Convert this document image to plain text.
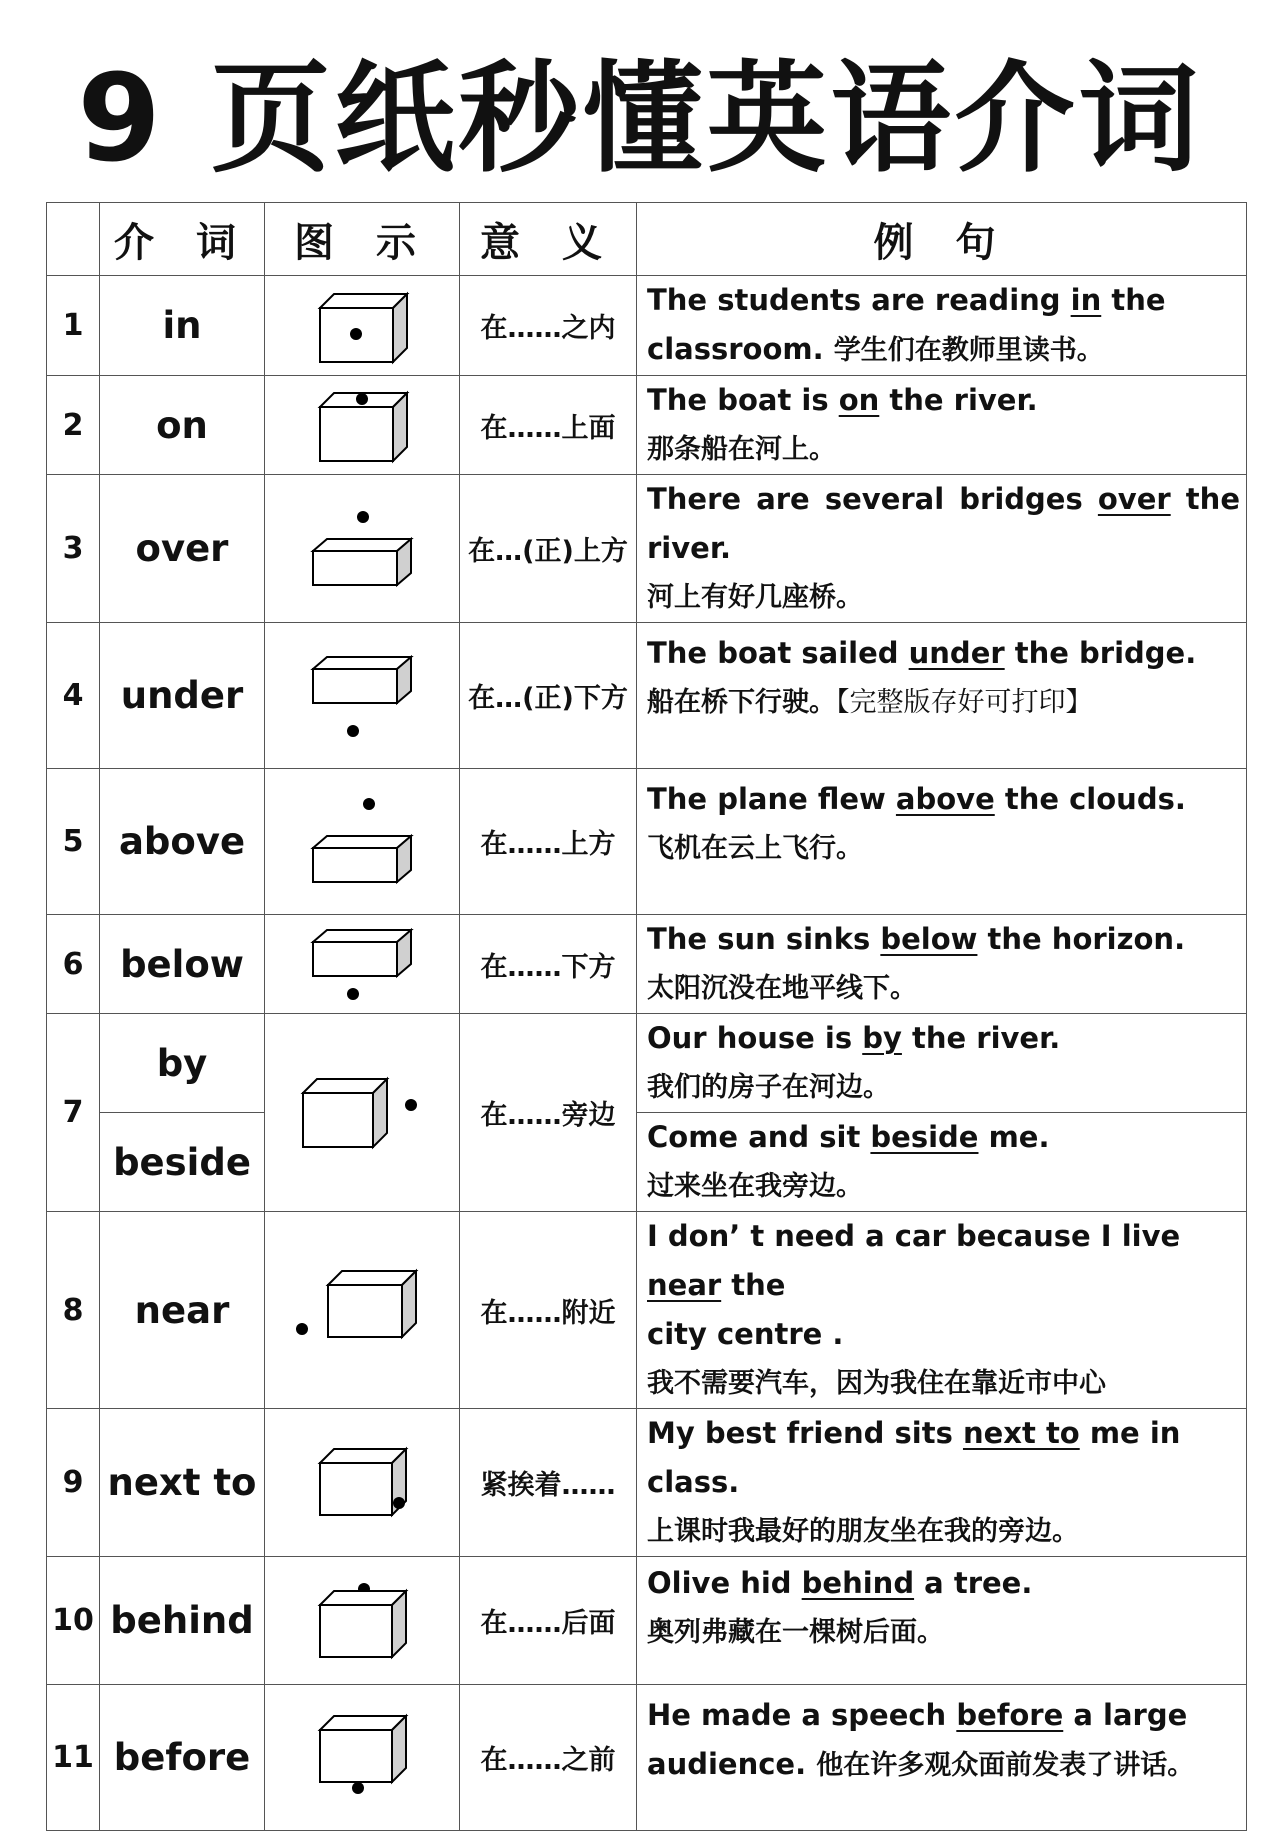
9 页纸秒懂英语介词
	介 词	图 示	意 义	例 句
1	in		在……之内	The students are reading in the
classroom. 学生们在教师里读书。

2	on		在……上面	The boat is on the river.
那条船在河上。

3	over		在…(正)上方	There are several bridges over the river.
河上有好几座桥。

4	under		在…(正)下方	The boat sailed under the bridge.
船在桥下行驶。【完整版存好可打印】

5	above		在……上方	The plane flew above the clouds.
飞机在云上飞行。

6	below		在……下方	The sun sinks below the horizon.
太阳沉没在地平线下。

7	by		在……旁边	Our house is by the river.
我们的房子在河边。

	beside			Come and sit beside me.
过来坐在我旁边。

8	near		在……附近	I don’ t need a car because I live near the
city centre .
我不需要汽车，因为我住在靠近市中心

9	next to		紧挨着……	My best friend sits next to me in class.
上课时我最好的朋友坐在我的旁边。

10	behind		在……后面	Olive hid behind a tree.
奥列弗藏在一棵树后面。

11	before		在……之前	He made a speech before a large
audience. 他在许多观众面前发表了讲话。
